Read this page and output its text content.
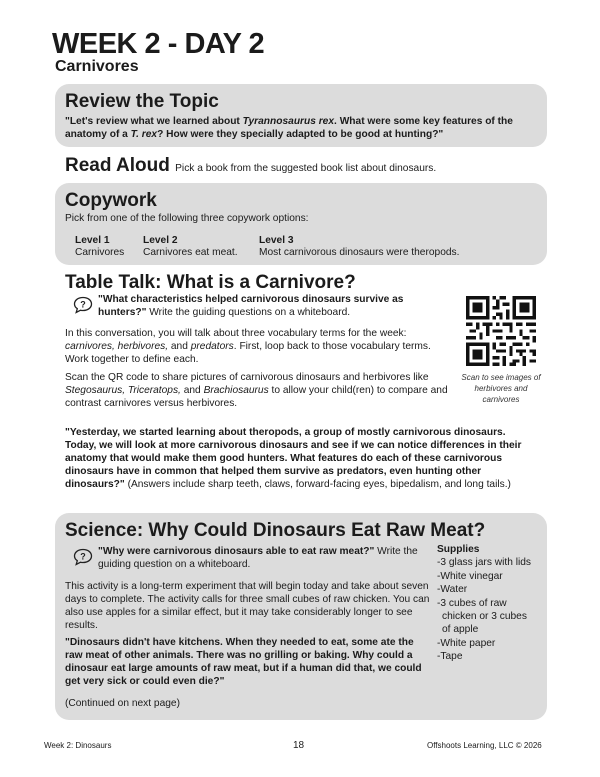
WEEK 2 - DAY 2
Carnivores
Review the Topic
"Let's review what we learned about Tyrannosaurus rex. What were some key features of the anatomy of a T. rex? How were they specially adapted to be good at hunting?"
Read Aloud Pick a book from the suggested book list about dinosaurs.
Copywork
Pick from one of the following three copywork options:
Level 1
Carnivores
Level 2
Carnivores eat meat.
Level 3
Most carnivorous dinosaurs were theropods.
Table Talk: What is a Carnivore?
? "What characteristics helped carnivorous dinosaurs survive as hunters?" Write the guiding questions on a whiteboard.
In this conversation, you will talk about three vocabulary terms for the week: carnivores, herbivores, and predators. First, loop back to those vocabulary terms. Work together to define each.
Scan the QR code to share pictures of carnivorous dinosaurs and herbivores like Stegosaurus, Triceratops, and Brachiosaurus to allow your child(ren) to compare and contrast carnivores versus herbivores.
"Yesterday, we started learning about theropods, a group of mostly carnivorous dinosaurs. Today, we will look at more carnivorous dinosaurs and see if we can notice differences in their anatomy that would make them good hunters. What features do each of these carnivorous dinosaurs have in common that helped them survive as predators, even hunting other dinosaurs?" (Answers include sharp teeth, claws, forward-facing eyes, bipedalism, and long tails.)
Scan to see images of herbivores and carnivores
Science: Why Could Dinosaurs Eat Raw Meat?
? "Why were carnivorous dinosaurs able to eat raw meat?" Write the guiding question on a whiteboard.
This activity is a long-term experiment that will begin today and take about seven days to complete. The activity calls for three small cubes of raw chicken. You can also use apples for a similar effect, but it may take considerably longer to see results.
"Dinosaurs didn't have kitchens. When they needed to eat, some ate the raw meat of other animals. There was no grilling or baking. Why could a dinosaur eat large amounts of raw meat, but if a human did that, we could get very sick or could even die?"
(Continued on next page)
Supplies
-3 glass jars with lids
-White vinegar
-Water
-3 cubes of raw
chicken or 3 cubes
of apple
-White paper
-Tape
Week 2: Dinosaurs	18	Offshoots Learning, LLC © 2026
